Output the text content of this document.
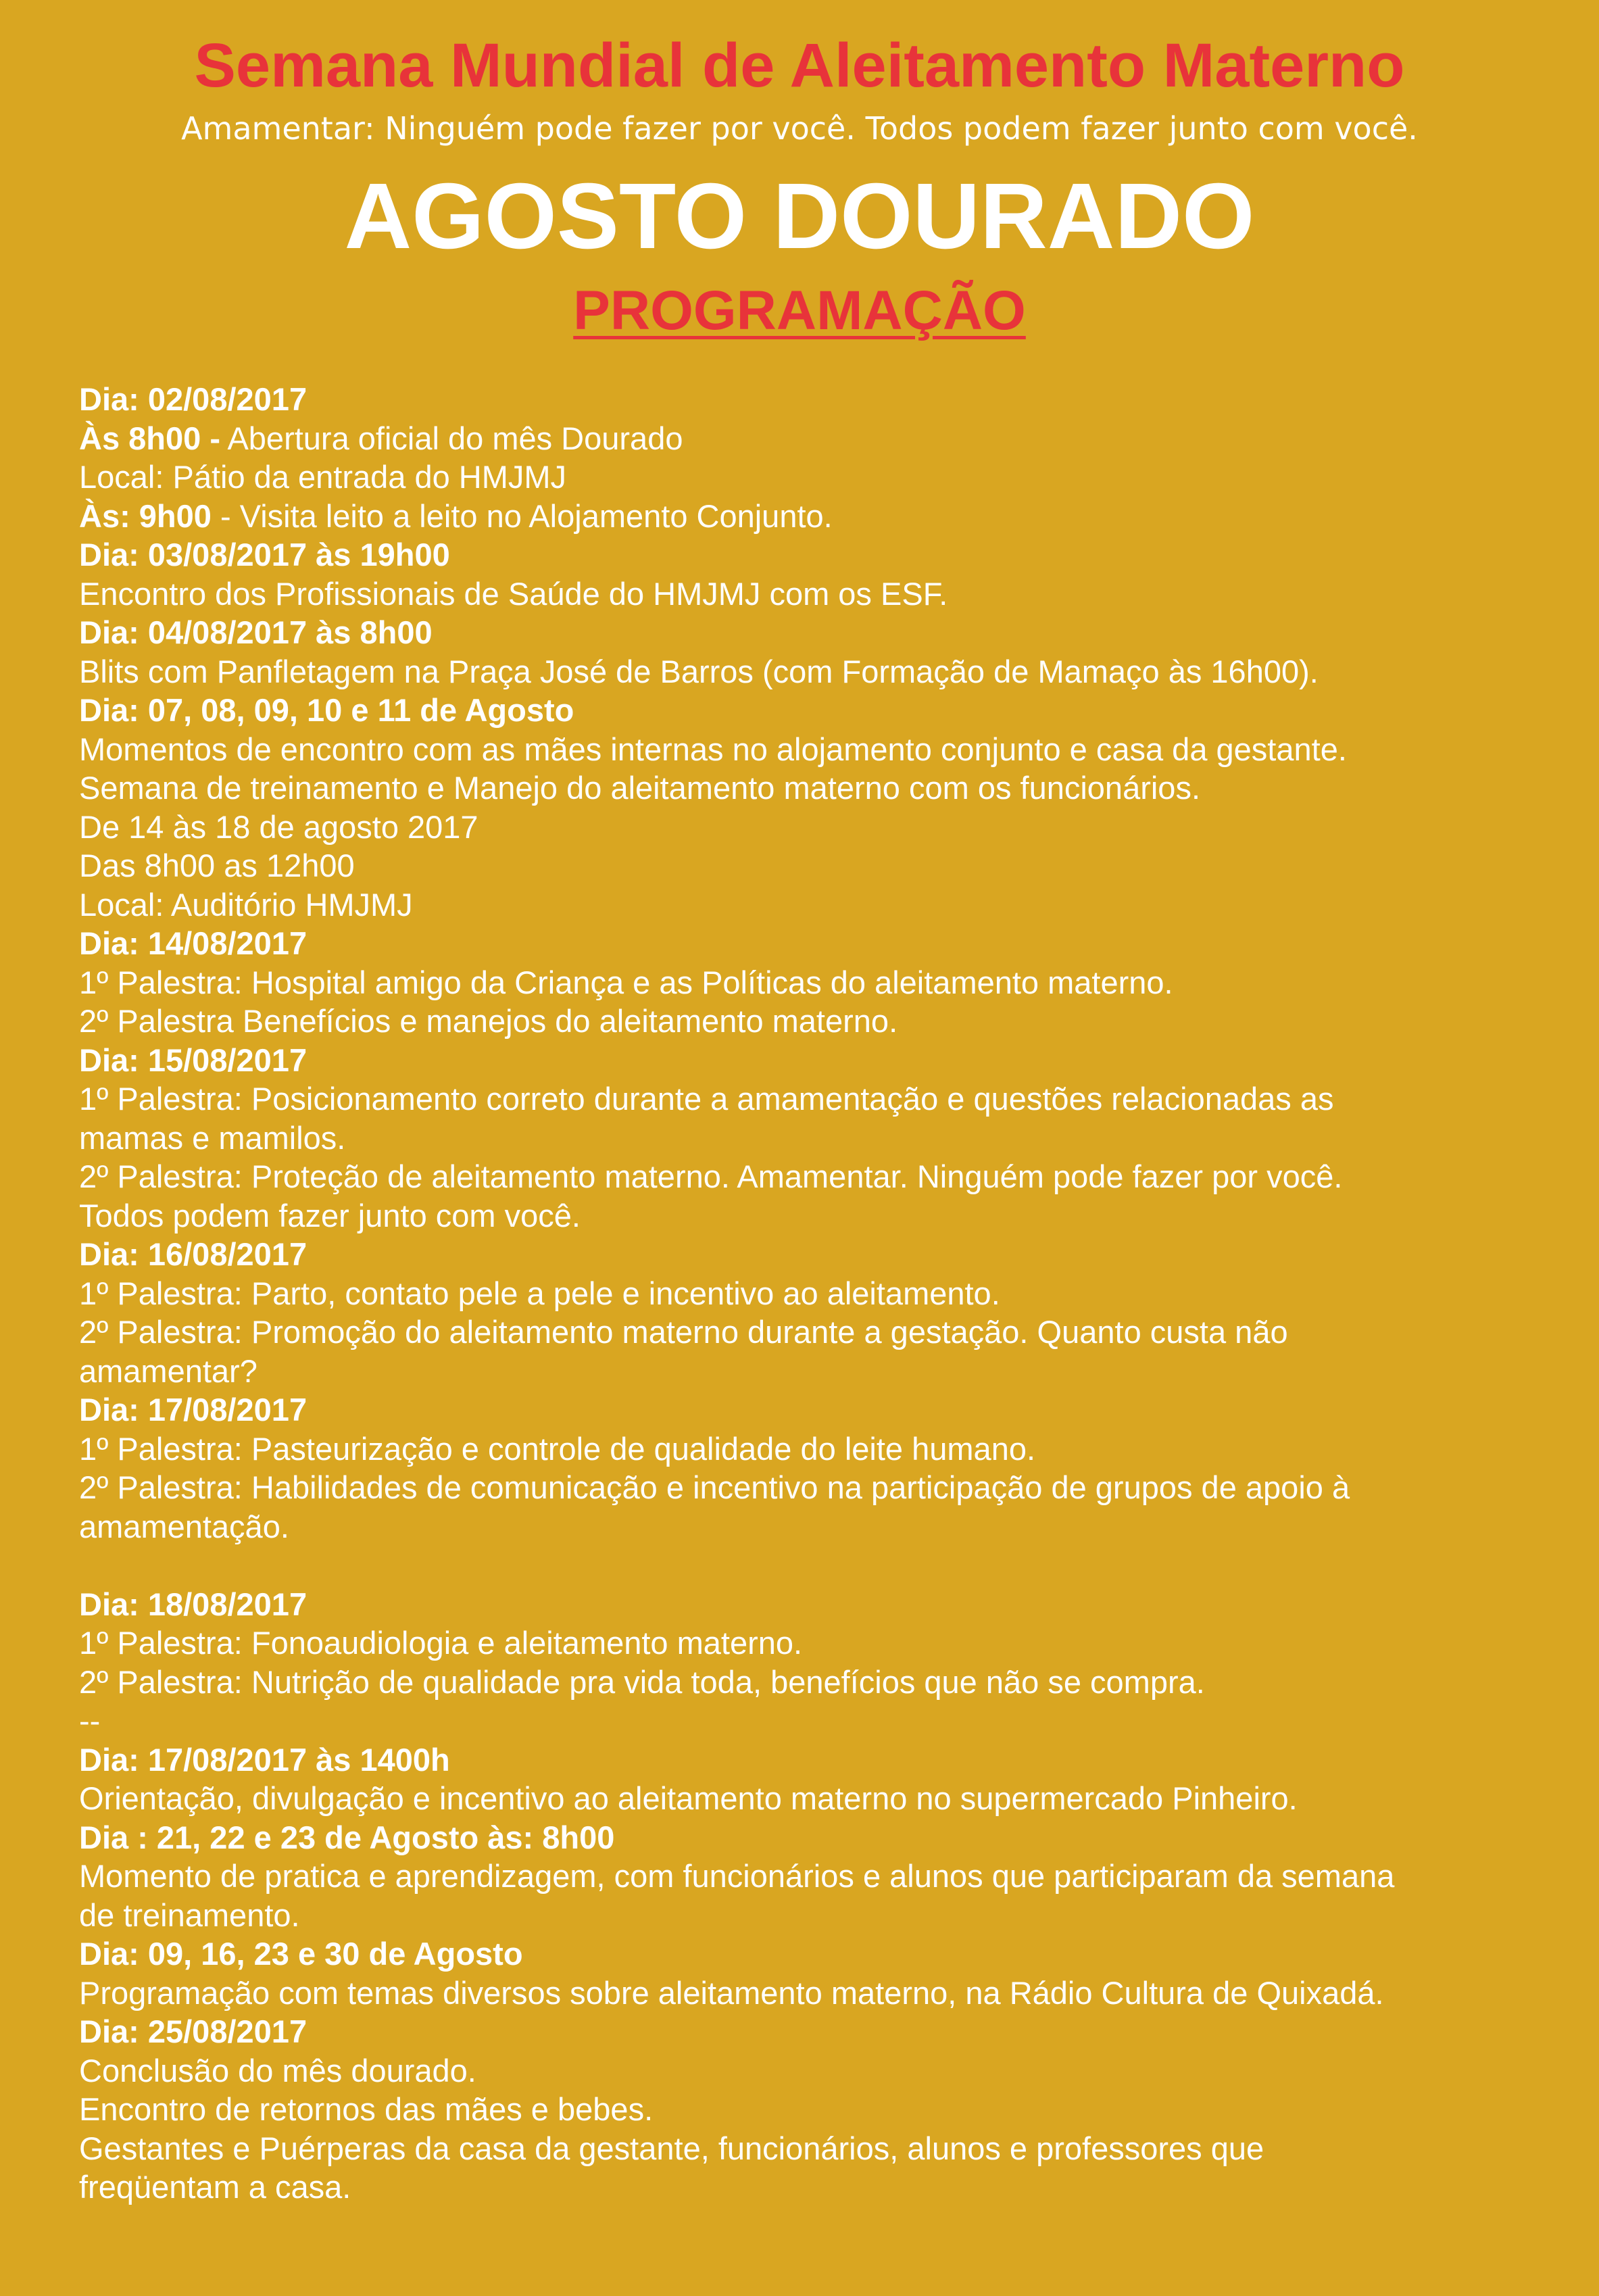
Semana Mundial de Aleitamento Materno

Amamentar: Ninguém pode fazer por você. Todos podem fazer junto com você.

AGOSTO DOURADO
PROGRAMAÇÃO

Dia: 02/08/2017

Às 8h00 - Abertura oficial do mês Dourado

Local: Pátio da entrada do HMJMJ

Às: 9h00 - Visita leito a leito no Alojamento Conjunto.

Dia: 03/08/2017 às 19h00

Encontro dos Profissionais de Saúde do HMJMJ com os ESF.

Dia: 04/08/2017 às 8h00

Blits com Panfletagem na Praça José de Barros (com Formação de Mamaço às 16h00).

Dia: 07, 08, 09, 10 e 11 de Agosto

Momentos de encontro com as mães internas no alojamento conjunto e casa da gestante.

Semana de treinamento e Manejo do aleitamento materno com os funcionários.

De 14 às 18 de agosto 2017

Das 8h00 as 12h00

Local: Auditório HMJMJ

Dia: 14/08/2017

1º Palestra: Hospital amigo da Criança e as Políticas do aleitamento materno.

2º Palestra Benefícios e manejos do aleitamento materno.

Dia: 15/08/2017

1º Palestra: Posicionamento correto durante a amamentação e questões relacionadas as

mamas e mamilos.

2º Palestra: Proteção de aleitamento materno. Amamentar. Ninguém pode fazer por você.

Todos podem fazer junto com você.

Dia: 16/08/2017

1º Palestra: Parto, contato pele a pele e incentivo ao aleitamento.

2º Palestra: Promoção do aleitamento materno durante a gestação. Quanto custa não

amamentar?

Dia: 17/08/2017

1º Palestra: Pasteurização e controle de qualidade do leite humano.

2º Palestra: Habilidades de comunicação e incentivo na participação de grupos de apoio à

amamentação.

Dia: 18/08/2017

1º Palestra: Fonoaudiologia e aleitamento materno.

2º Palestra: Nutrição de qualidade pra vida toda, benefícios que não se compra.

--

Dia: 17/08/2017 às 1400h

Orientação, divulgação e incentivo ao aleitamento materno no supermercado Pinheiro.

Dia : 21, 22 e 23 de Agosto às: 8h00

Momento de pratica e aprendizagem, com funcionários e alunos que participaram da semana

de treinamento.

Dia: 09, 16, 23 e 30 de Agosto

Programação com temas diversos sobre aleitamento materno, na Rádio Cultura de Quixadá.

Dia: 25/08/2017

Conclusão do mês dourado.

Encontro de retornos das mães e bebes.

Gestantes e Puérperas da casa da gestante, funcionários, alunos e professores que

freqüentam a casa.
